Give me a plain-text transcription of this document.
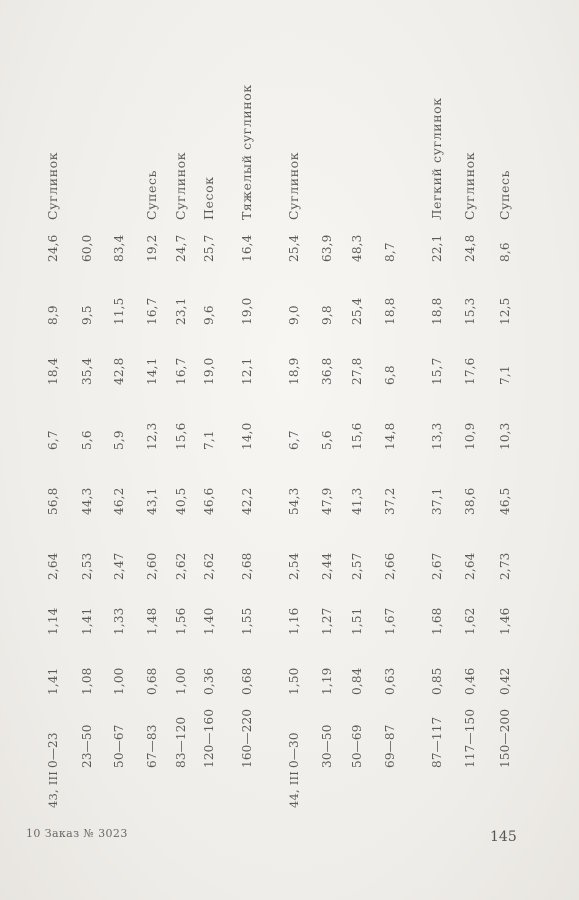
43, III
0—23
1,41
1,14
2,64
56,8
6,7
18,4
8,9
24,6
Суглинок
23—50
1,08
1,41
2,53
44,3
5,6
35,4
9,5
60,0
50—67
1,00
1,33
2,47
46,2
5,9
42,8
11,5
83,4
67—83
0,68
1,48
2,60
43,1
12,3
14,1
16,7
19,2
Супесь
83—120
1,00
1,56
2,62
40,5
15,6
16,7
23,1
24,7
Суглинок
120—160
0,36
1,40
2,62
46,6
7,1
19,0
9,6
25,7
Песок
160—220
0,68
1,55
2,68
42,2
14,0
12,1
19,0
16,4
Тяжелый суглинок
44, III
0—30
1,50
1,16
2,54
54,3
6,7
18,9
9,0
25,4
Суглинок
30—50
1,19
1,27
2,44
47,9
5,6
36,8
9,8
63,9
50—69
0,84
1,51
2,57
41,3
15,6
27,8
25,4
48,3
69—87
0,63
1,67
2,66
37,2
14,8
6,8
18,8
8,7
87—117
0,85
1,68
2,67
37,1
13,3
15,7
18,8
22,1
Легкий суглинок
117—150
0,46
1,62
2,64
38,6
10,9
17,6
15,3
24,8
Суглинок
150—200
0,42
1,46
2,73
46,5
10,3
7,1
12,5
8,6
Супесь
10 Заказ № 3023	145
